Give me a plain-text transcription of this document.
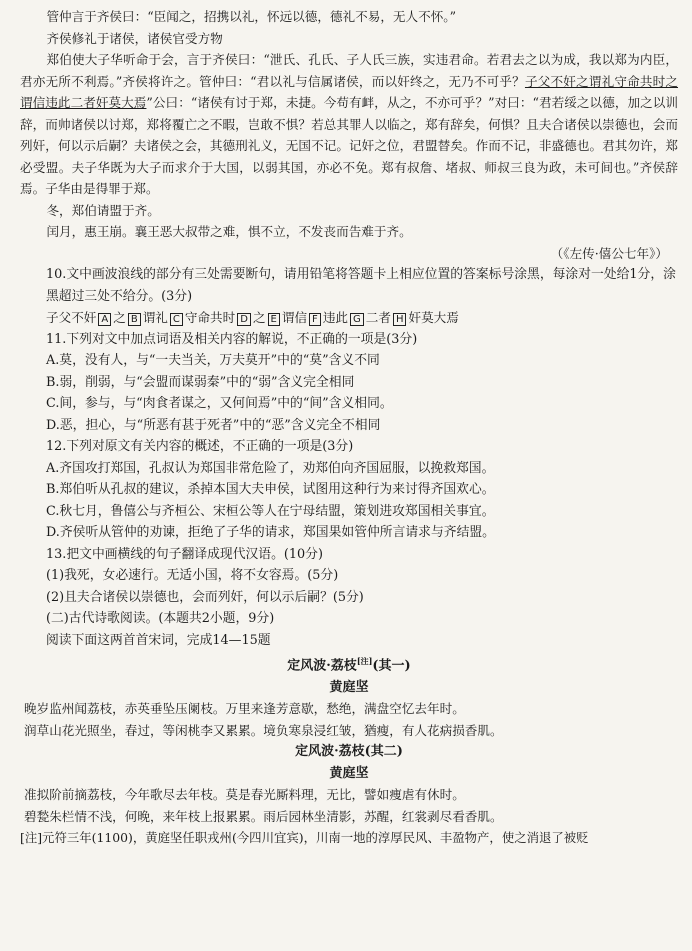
管仲言于齐侯曰：“臣闻之，招携以礼，怀远以德，德礼不易，无人不怀。”

齐侯修礼于诸侯，诸侯官受方物

郑伯使大子华听命于会，言于齐侯曰：“泄氏、孔氏、子人氏三族，实违君命。若君去之以为成，我以郑为内臣，君亦无所不利焉。”齐侯将许之。管仲曰：“君以礼与信属诸侯，而以奸终之，无乃不可乎？子父不奸之谓礼守命共时之谓信违此二者奸莫大焉”公曰：“诸侯有讨于郑，未捷。今苟有衅，从之，不亦可乎？”对曰：“君若绥之以德，加之以训辞，而帅诸侯以讨郑，郑将覆亡之不暇，岂敢不惧？若总其罪人以临之，郑有辞矣，何惧？且夫合诸侯以崇德也，会而列奸，何以示后嗣？夫诸侯之会，其德刑礼义，无国不记。记奸之位，君盟替矣。作而不记，非盛德也。君其勿许，郑必受盟。夫子华既为大子而求介于大国，以弱其国，亦必不免。郑有叔詹、堵叔、师叔三良为政，未可间也。”齐侯辞焉。子华由是得罪于郑。

冬，郑伯请盟于齐。

闰月，惠王崩。襄王恶大叔带之难，惧不立，不发丧而告难于齐。

（《左传·僖公七年》）

10.文中画波浪线的部分有三处需要断句，请用铅笔将答题卡上相应位置的答案标号涂黑，每涂对一处给1分，涂黑超过三处不给分。(3分)

子父不奸 A 之 B 谓礼 C 守命共时 D 之 E 谓信 F 违此 G 二者 H 奸莫大焉

11.下列对文中加点词语及相关内容的解说，不正确的一项是(3分)

A.莫，没有人，与“一夫当关，万夫莫开”中的“莫”含义不同

B.弱，削弱，与“会盟而谋弱秦”中的“弱”含义完全相同

C.间，参与，与“肉食者谋之，又何间焉”中的“间”含义相同。

D.恶，担心，与“所恶有甚于死者”中的“恶”含义完全不相同

12.下列对原文有关内容的概述，不正确的一项是(3分)

A.齐国攻打郑国，孔叔认为郑国非常危险了，劝郑伯向齐国屈服，以挽救郑国。

B.郑伯听从孔叔的建议，杀掉本国大夫申侯，试图用这种行为来讨得齐国欢心。

C.秋七月，鲁僖公与齐桓公、宋桓公等人在宁母结盟，策划进攻郑国相关事宜。

D.齐侯听从管仲的劝谏，拒绝了子华的请求，郑国果如管仲所言请求与齐结盟。

13.把文中画横线的句子翻译成现代汉语。(10分)

(1)我死，女必速行。无适小国，将不女容焉。(5分)

(2)且夫合诸侯以崇德也，会而列奸，何以示后嗣？(5分)

(二)古代诗歌阅读。(本题共2小题，9分)

阅读下面这两首首宋词，完成14—15题

定风波·荔枝[注](其一)

黄庭坚

晚岁监州闻荔枝，赤英垂坠压阑枝。万里来逢芳意歇，愁绝，满盘空忆去年时。

润草山花光照坐，春过，等闲桃李又累累。境负寒泉浸红皱，猶瘦，有人花病损香肌。

定风波·荔枝(其二)

黄庭坚

准拟阶前摘荔枝，今年歌尽去年枝。莫是春光厮料理，无比，譬如痩虐有休时。

碧甃朱栏情不浅，何晚，来年枝上报累累。雨后园林坐清影，苏醒，红裳剥尽看香肌。

[注]元符三年(1100)，黄庭坚任职戎州(今四川宜宾)，川南一地的淳厚民风、丰盈物产，使之消退了被贬
